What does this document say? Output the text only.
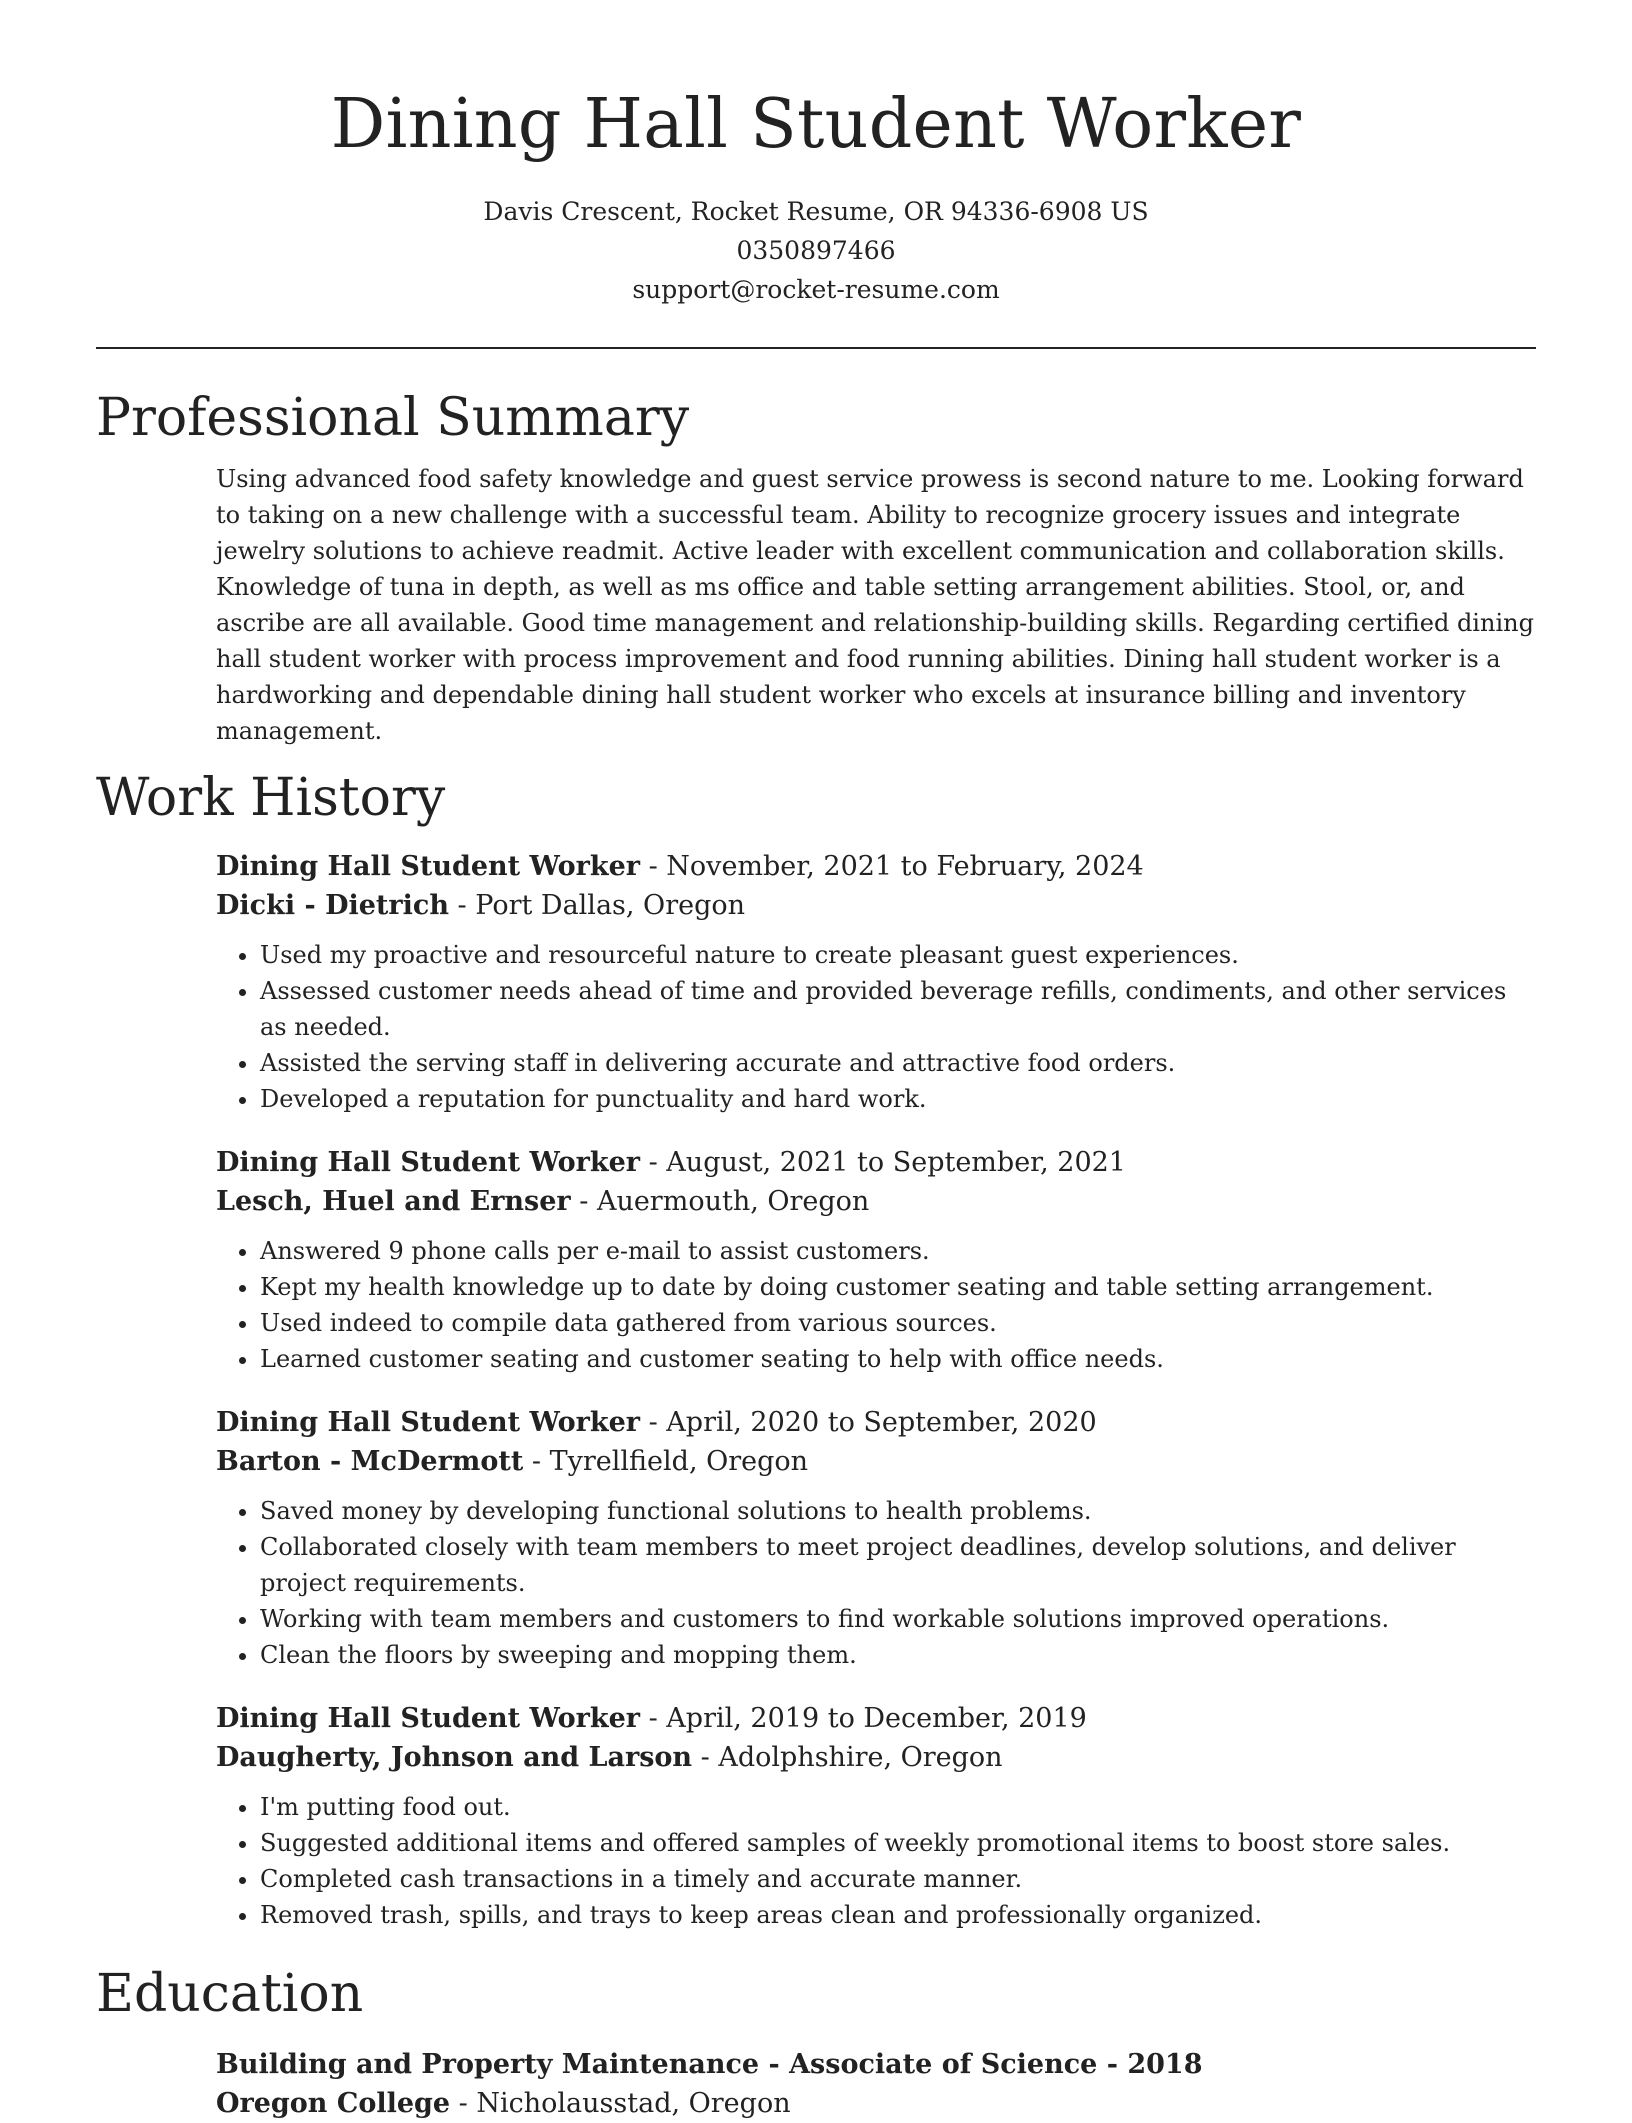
Dining Hall Student Worker
Davis Crescent, Rocket Resume, OR 94336-6908 US
0350897466
support@rocket-resume.com
Professional Summary

Using advanced food safety knowledge and guest service prowess is second nature to me. Looking forward to taking on a new challenge with a successful team. Ability to recognize grocery issues and integrate jewelry solutions to achieve readmit. Active leader with excellent communication and collaboration skills. Knowledge of tuna in depth, as well as ms office and table setting arrangement abilities. Stool, or, and ascribe are all available. Good time management and relationship-building skills. Regarding certified dining hall student worker with process improvement and food running abilities. Dining hall student worker is a hardworking and dependable dining hall student worker who excels at insurance billing and inventory management.

Work History
Dining Hall Student Worker - November, 2021 to February, 2024
Dicki - Dietrich - Port Dallas, Oregon
• Used my proactive and resourceful nature to create pleasant guest experiences.
• Assessed customer needs ahead of time and provided beverage refills, condiments, and other services as needed.
• Assisted the serving staff in delivering accurate and attractive food orders.
• Developed a reputation for punctuality and hard work.
Dining Hall Student Worker - August, 2021 to September, 2021
Lesch, Huel and Ernser - Auermouth, Oregon
• Answered 9 phone calls per e-mail to assist customers.
• Kept my health knowledge up to date by doing customer seating and table setting arrangement.
• Used indeed to compile data gathered from various sources.
• Learned customer seating and customer seating to help with office needs.
Dining Hall Student Worker - April, 2020 to September, 2020
Barton - McDermott - Tyrellfield, Oregon
• Saved money by developing functional solutions to health problems.
• Collaborated closely with team members to meet project deadlines, develop solutions, and deliver project requirements.
• Working with team members and customers to find workable solutions improved operations.
• Clean the floors by sweeping and mopping them.
Dining Hall Student Worker - April, 2019 to December, 2019
Daugherty, Johnson and Larson - Adolphshire, Oregon
• I'm putting food out.
• Suggested additional items and offered samples of weekly promotional items to boost store sales.
• Completed cash transactions in a timely and accurate manner.
• Removed trash, spills, and trays to keep areas clean and professionally organized.
Education
Building and Property Maintenance - Associate of Science - 2018
Oregon College - Nicholausstad, Oregon
